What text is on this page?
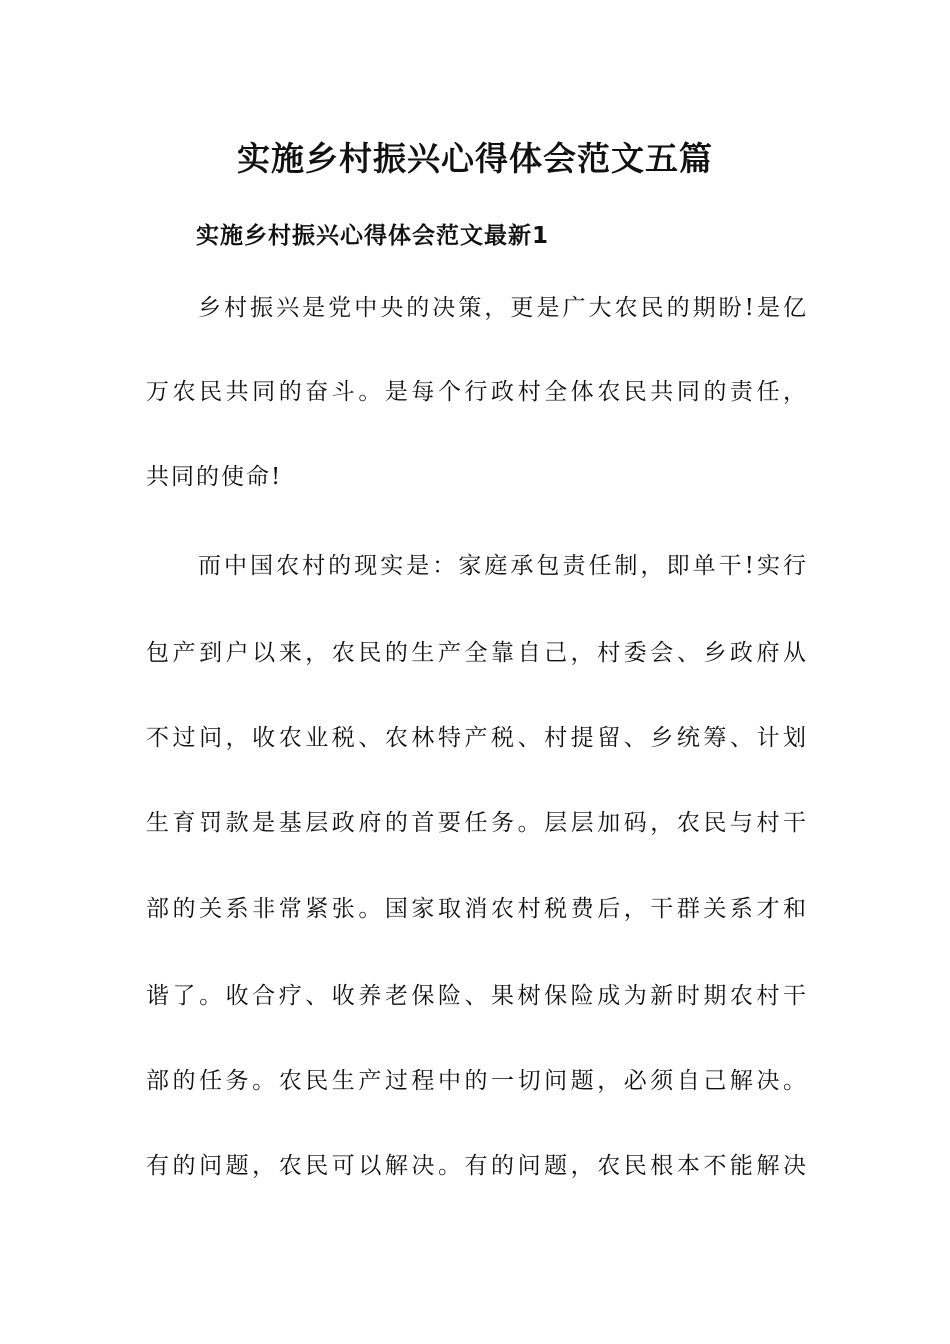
实施乡村振兴心得体会范文五篇
实施乡村振兴心得体会范文最新1
乡村振兴是党中央的决策，更是广大农民的期盼!是亿
万农民共同的奋斗。是每个行政村全体农民共同的责任，
共同的使命!
而中国农村的现实是：家庭承包责任制，即单干!实行
包产到户以来，农民的生产全靠自己，村委会、乡政府从
不过问，收农业税、农林特产税、村提留、乡统筹、计划
生育罚款是基层政府的首要任务。层层加码，农民与村干
部的关系非常紧张。国家取消农村税费后，干群关系才和
谐了。收合疗、收养老保险、果树保险成为新时期农村干
部的任务。农民生产过程中的一切问题，必须自己解决。
有的问题，农民可以解决。有的问题，农民根本不能解决
